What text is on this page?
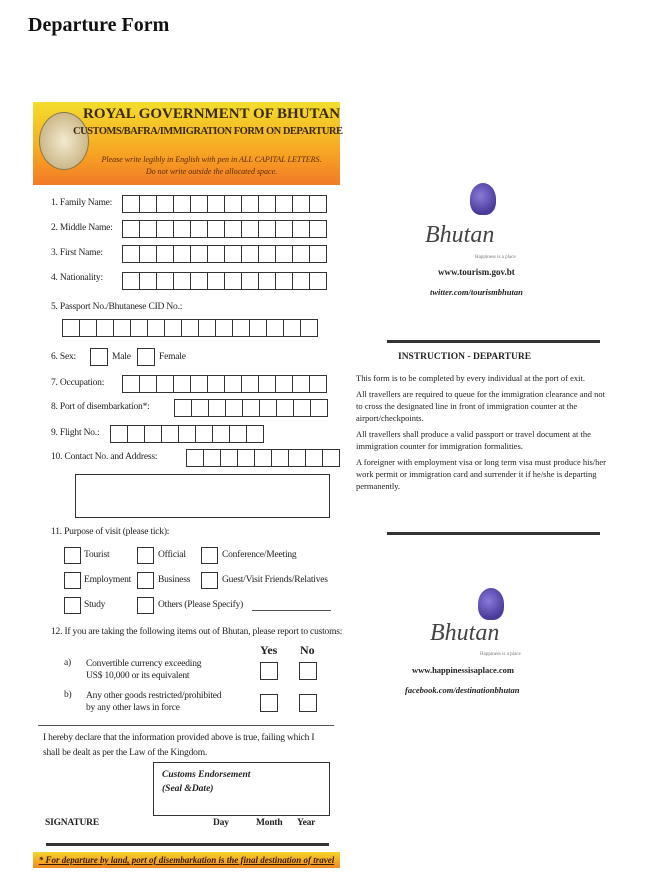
Departure Form
ROYAL GOVERNMENT OF BHUTAN
CUSTOMS/BAFRA/IMMIGRATION FORM ON DEPARTURE
Please write legibly in English with pen in ALL CAPITAL LETTERS.
Do not write outside the allocated space.
1. Family Name:
2. Middle Name:
3. First Name:
4. Nationality:
5. Passport No./Bhutanese CID No.:
6. Sex:	Male	Female
7. Occupation:
8. Port of disembarkation*:
9. Flight No.:
10. Contact No. and Address:
11. Purpose of visit (please tick):
Tourist	Official	Conference/Meeting
Employment	Business	Guest/Visit Friends/Relatives
Study	Others (Please Specify)
12. If you are taking the following items out of Bhutan, please report to customs:
Yes No
a) Convertible currency exceeding
US$ 10,000 or its equivalent
b) Any other goods restricted/prohibited
by any other laws in force
I hereby declare that the information provided above is true, failing which I
shall be dealt as per the Law of the Kingdom.
Customs Endorsement
(Seal &Date)
SIGNATURE	Day	Month Year
* For departure by land, port of disembarkation is the final destination of travel
Bhutan
Happiness is a place
www.tourism.gov.bt
twitter.com/tourismbhutan
INSTRUCTION - DEPARTURE

This form is to be completed by every individual at the port of exit.

All travellers are required to queue for the immigration clearance and not to cross the designated line in front of immigration counter at the airport/checkpoints.

All travellers shall produce a valid passport or travel document at the immigration counter for immigration formalities.

A foreigner with employment visa or long term visa must produce his/her work permit or immigration card and surrender it if he/she is departing permanently.

Bhutan
Happiness is a place
www.happinessisaplace.com
facebook.com/destinationbhutan
